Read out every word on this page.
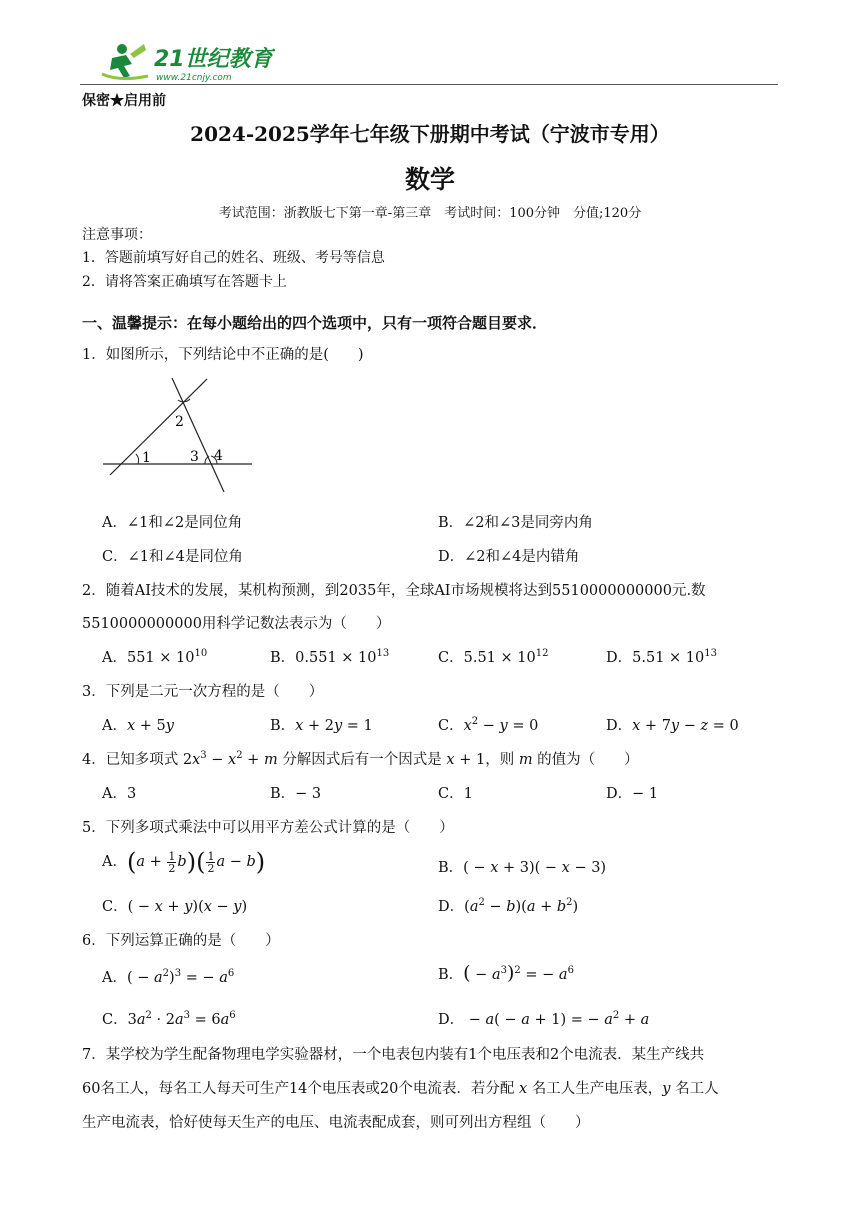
21世纪教育
www.21cnjy.com
保密★启用前
2024-2025学年七年级下册期中考试（宁波市专用）
数学
考试范围：浙教版七下第一章-第三章　考试时间：100分钟　分值;120分
注意事项：
1．答题前填写好自己的姓名、班级、考号等信息
2．请将答案正确填写在答题卡上
一、温馨提示：在每小题给出的四个选项中，只有一项符合题目要求．
1．如图所示，下列结论中不正确的是(　　)
1
2
3 4
A．∠1和∠2是同位角	B．∠2和∠3是同旁内角
C．∠1和∠4是同位角	D．∠2和∠4是内错角
2．随着AI技术的发展，某机构预测，到2035年，全球AI市场规模将达到5510000000000元.数
5510000000000用科学记数法表示为（　　）
A．$551 \times 10^{10}$	B．$0.551 \times 10^{13}$	C．$5.51 \times 10^{12}$	D．$5.51 \times 10^{13}$
3．下列是二元一次方程的是（　　）
A．x + 5y	B．x + 2y = 1	C．$x^2 - y = 0$	D．x + 7y − z = 0
4．已知多项式 $2x^3 - x^2 + m$ 分解因式后有一个因式是 x + 1，则 m 的值为（　　）
A．3	B．− 3	C．1	D．− 1
5．下列多项式乘法中可以用平方差公式计算的是（　　）
A．$(a + \frac{1}{2} b)( \frac{1}{2}$ a − b)	B．( − x + 3)( − x − 3)
C．( − x + y)(x − y)	D．$(a^2 - b)(a + b^2)$
6．下列运算正确的是（　　）
A．( − $a^2)^3$ = − $a^6$	B．( − $a^3)^2$ = − $a^6$
C．$3a^2 \cdot 2a^3 = 6a^6$	D． − a( − a + 1) = − $a^2 + a$
7．某学校为学生配备物理电学实验器材，一个电表包内装有1个电压表和2个电流表．某生产线共
60名工人，每名工人每天可生产14个电压表或20个电流表．若分配 x 名工人生产电压表，y 名工人
生产电流表，恰好使每天生产的电压、电流表配成套，则可列出方程组（　　）
